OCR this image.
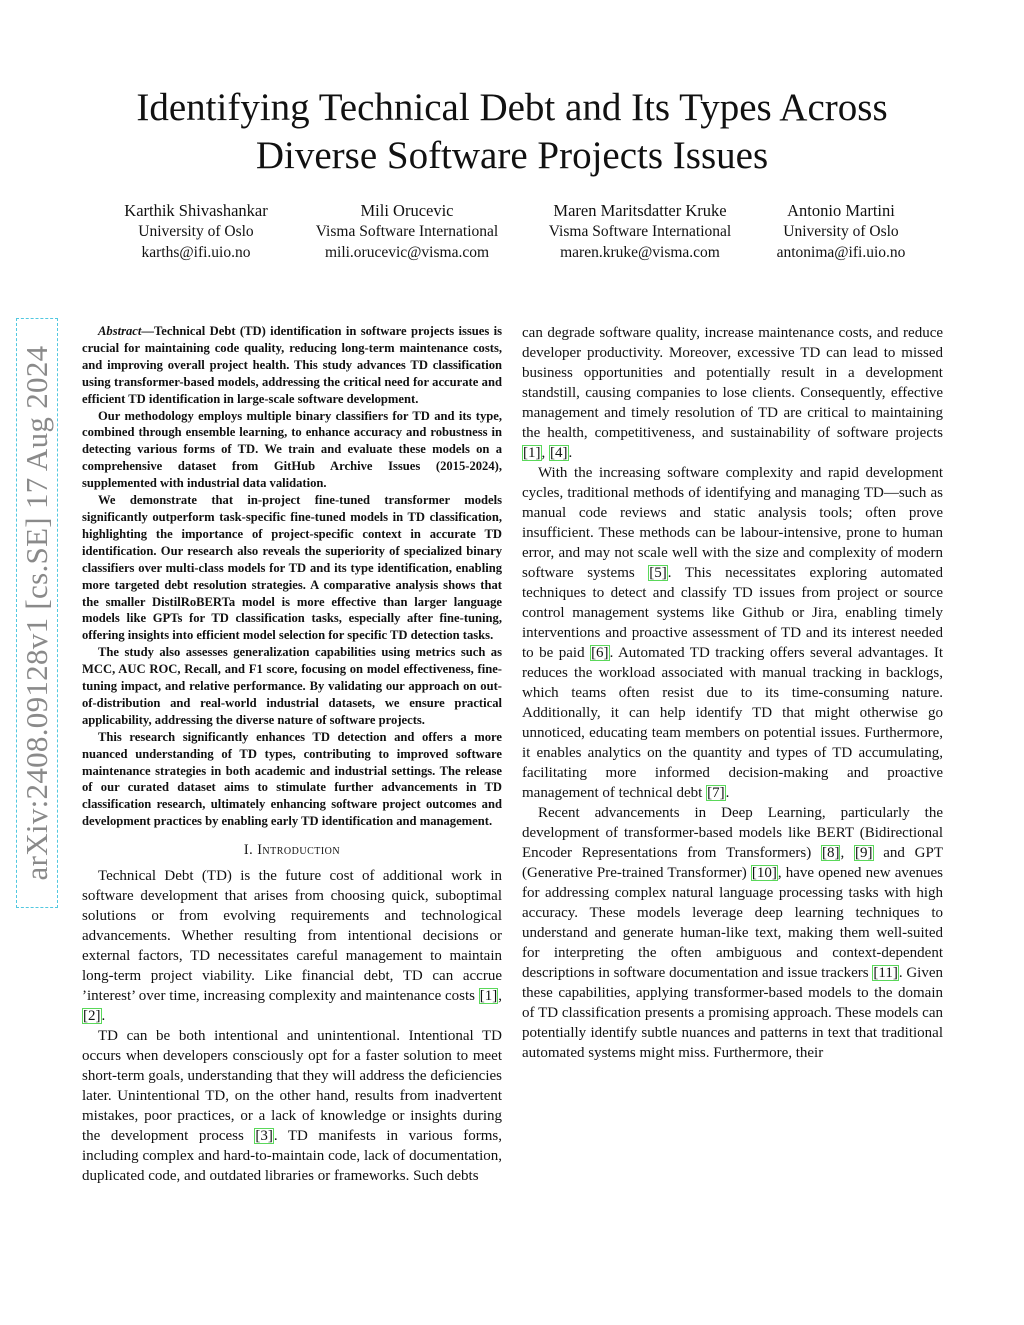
arXiv:2408.09128v1 [cs.SE] 17 Aug 2024
Identifying Technical Debt and Its Types Across
Diverse Software Projects Issues
Karthik Shivashankar
University of Oslo
karths@ifi.uio.no
Mili Orucevic
Visma Software International
mili.orucevic@visma.com
Maren Maritsdatter Kruke
Visma Software International
maren.kruke@visma.com
Antonio Martini
University of Oslo
antonima@ifi.uio.no

Abstract—Technical Debt (TD) identification in software projects issues is crucial for maintaining code quality, reducing long-term maintenance costs, and improving overall project health. This study advances TD classification using transformer-based models, addressing the critical need for accurate and efficient TD identification in large-scale software development.

Our methodology employs multiple binary classifiers for TD and its type, combined through ensemble learning, to enhance accuracy and robustness in detecting various forms of TD. We train and evaluate these models on a comprehensive dataset from GitHub Archive Issues (2015-2024), supplemented with industrial data validation.

We demonstrate that in-project fine-tuned transformer models significantly outperform task-specific fine-tuned models in TD classification, highlighting the importance of project-specific context in accurate TD identification. Our research also reveals the superiority of specialized binary classifiers over multi-class models for TD and its type identification, enabling more targeted debt resolution strategies. A comparative analysis shows that the smaller DistilRoBERTa model is more effective than larger language models like GPTs for TD classification tasks, especially after fine-tuning, offering insights into efficient model selection for specific TD detection tasks.

The study also assesses generalization capabilities using metrics such as MCC, AUC ROC, Recall, and F1 score, focusing on model effectiveness, fine-tuning impact, and relative performance. By validating our approach on out-of-distribution and real-world industrial datasets, we ensure practical applicability, addressing the diverse nature of software projects.

This research significantly enhances TD detection and offers a more nuanced understanding of TD types, contributing to improved software maintenance strategies in both academic and industrial settings. The release of our curated dataset aims to stimulate further advancements in TD classification research, ultimately enhancing software project outcomes and development practices by enabling early TD identification and management.

I. Introduction

Technical Debt (TD) is the future cost of additional work in software development that arises from choosing quick, suboptimal solutions or from evolving requirements and technological advancements. Whether resulting from intentional decisions or external factors, TD necessitates careful management to maintain long-term project viability. Like financial debt, TD can accrue ’interest’ over time, increasing complexity and maintenance costs [1], [2].

TD can be both intentional and unintentional. Intentional TD occurs when developers consciously opt for a faster solution to meet short-term goals, understanding that they will address the deficiencies later. Unintentional TD, on the other hand, results from inadvertent mistakes, poor practices, or a lack of knowledge or insights during the development process [3]. TD manifests in various forms, including complex and hard-to-maintain code, lack of documentation, duplicated code, and outdated libraries or frameworks. Such debts

can degrade software quality, increase maintenance costs, and reduce developer productivity. Moreover, excessive TD can lead to missed business opportunities and potentially result in a development standstill, causing companies to lose clients. Consequently, effective management and timely resolution of TD are critical to maintaining the health, competitiveness, and sustainability of software projects [1], [4].

With the increasing software complexity and rapid development cycles, traditional methods of identifying and managing TD—such as manual code reviews and static analysis tools; often prove insufficient. These methods can be labour-intensive, prone to human error, and may not scale well with the size and complexity of modern software systems [5]. This necessitates exploring automated techniques to detect and classify TD issues from project or source control management systems like Github or Jira, enabling timely interventions and proactive assessment of TD and its interest needed to be paid [6]. Automated TD tracking offers several advantages. It reduces the workload associated with manual tracking in backlogs, which teams often resist due to its time-consuming nature. Additionally, it can help identify TD that might otherwise go unnoticed, educating team members on potential issues. Furthermore, it enables analytics on the quantity and types of TD accumulating, facilitating more informed decision-making and proactive management of technical debt [7].

Recent advancements in Deep Learning, particularly the development of transformer-based models like BERT (Bidirectional Encoder Representations from Transformers) [8], [9] and GPT (Generative Pre-trained Transformer) [10], have opened new avenues for addressing complex natural language processing tasks with high accuracy. These models leverage deep learning techniques to understand and generate human-like text, making them well-suited for interpreting the often ambiguous and context-dependent descriptions in software documentation and issue trackers [11]. Given these capabilities, applying transformer-based models to the domain of TD classification presents a promising approach. These models can potentially identify subtle nuances and patterns in text that traditional automated systems might miss. Furthermore, their
